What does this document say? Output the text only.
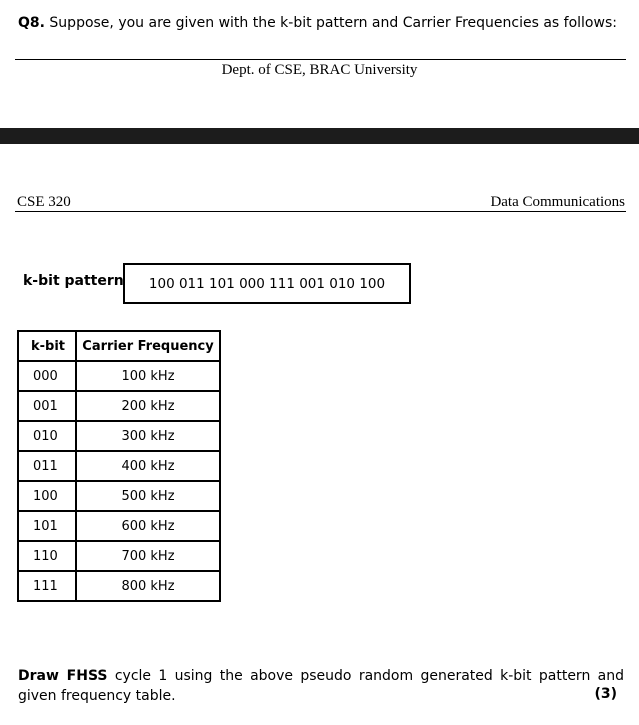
Q8. Suppose, you are given with the k-bit pattern and Carrier Frequencies as follows:
Dept. of CSE, BRAC University
CSE 320	Data Communications
k-bit pattern 100 011 101 000 111 001 010 100
k-bit	Carrier Frequency
000	100 kHz
001	200 kHz
010	300 kHz
011	400 kHz
100	500 kHz
101	600 kHz
110	700 kHz
111	800 kHz
Draw FHSS cycle 1 using the above pseudo random generated k-bit pattern and given frequency table.	(3)
